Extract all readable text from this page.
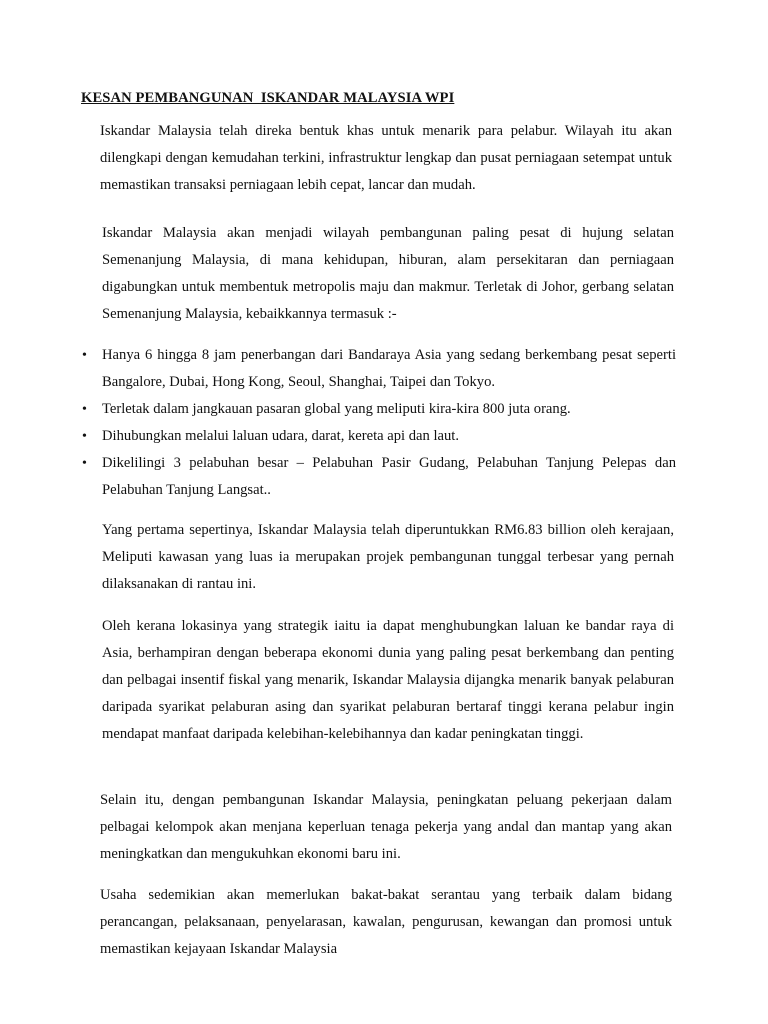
KESAN PEMBANGUNAN  ISKANDAR MALAYSIA WPI

Iskandar Malaysia telah direka bentuk khas untuk menarik para pelabur. Wilayah itu akan dilengkapi dengan kemudahan terkini, infrastruktur lengkap dan pusat perniagaan setempat untuk memastikan transaksi perniagaan lebih cepat, lancar dan mudah.

Iskandar Malaysia akan menjadi wilayah pembangunan paling pesat di hujung selatan Semenanjung Malaysia, di mana kehidupan, hiburan, alam persekitaran dan perniagaan digabungkan untuk membentuk metropolis maju dan makmur. Terletak di Johor, gerbang selatan Semenanjung Malaysia, kebaikkannya termasuk :-

• Hanya 6 hingga 8 jam penerbangan dari Bandaraya Asia yang sedang berkembang pesat seperti Bangalore, Dubai, Hong Kong, Seoul, Shanghai, Taipei dan Tokyo.
• Terletak dalam jangkauan pasaran global yang meliputi kira-kira 800 juta orang.
• Dihubungkan melalui laluan udara, darat, kereta api dan laut.
• Dikelilingi 3 pelabuhan besar – Pelabuhan Pasir Gudang, Pelabuhan Tanjung Pelepas dan Pelabuhan Tanjung Langsat..

Yang pertama sepertinya, Iskandar Malaysia telah diperuntukkan RM6.83 billion oleh kerajaan, Meliputi kawasan yang luas ia merupakan projek pembangunan tunggal terbesar yang pernah dilaksanakan di rantau ini.

Oleh kerana lokasinya yang strategik iaitu ia dapat menghubungkan laluan ke bandar raya di Asia, berhampiran dengan beberapa ekonomi dunia yang paling pesat berkembang dan penting dan pelbagai insentif fiskal yang menarik, Iskandar Malaysia dijangka menarik banyak pelaburan daripada syarikat pelaburan asing dan syarikat pelaburan bertaraf tinggi kerana pelabur ingin mendapat manfaat daripada kelebihan-kelebihannya dan kadar peningkatan tinggi.

Selain itu, dengan pembangunan Iskandar Malaysia, peningkatan peluang pekerjaan dalam pelbagai kelompok akan menjana keperluan tenaga pekerja yang andal dan mantap yang akan meningkatkan dan mengukuhkan ekonomi baru ini.

Usaha sedemikian akan memerlukan bakat-bakat serantau yang terbaik dalam bidang perancangan, pelaksanaan, penyelarasan, kawalan, pengurusan, kewangan dan promosi untuk memastikan kejayaan Iskandar Malaysia
